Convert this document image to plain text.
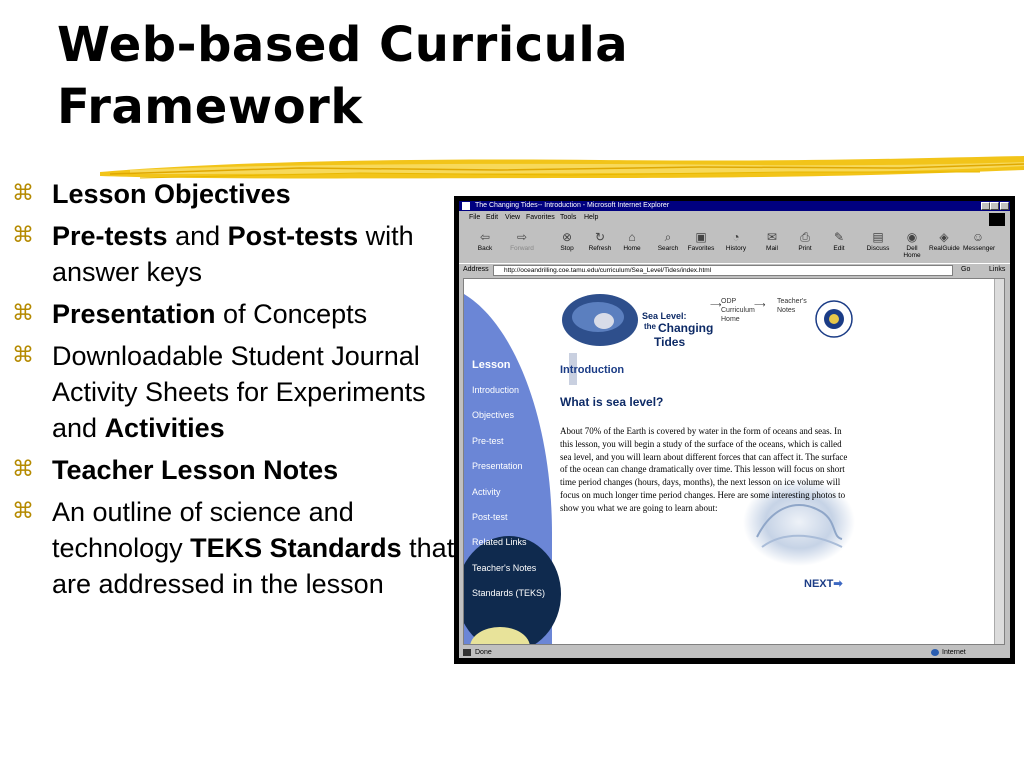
Web-based Curricula
Framework
⌘ Lesson Objectives
⌘ Pre-tests and Post-tests with answer keys
⌘ Presentation of Concepts
⌘ Downloadable Student Journal Activity Sheets for Experiments and Activities
⌘ Teacher Lesson Notes
⌘ An outline of science and technology TEKS Standards that are addressed in the lesson
The Changing Tides-- Introduction - Microsoft Internet Explorer
File Edit View Favorites Tools Help
⇦
Back
⇨
Forward
⊗
Stop
↻
Refresh
⌂
Home
⌕
Search
▣
Favorites
◔
History
✉
Mail
⎙
Print
✎
Edit
▤
Discuss
◉
Dell Home
◈
RealGuide
☺
Messenger
Address	http://oceandrilling.coe.tamu.edu/curriculum/Sea_Level/Tides/index.html	Go	Links
Lesson
Introduction
Objectives
Pre-test
Presentation
Activity
Post-test
Related Links
Teacher's Notes
Standards (TEKS)
Sea Level:
the Changing
Tides
⟶ ODP
Curriculum
Home
⟶ Teacher's
Notes
Introduction
What is sea level?
About 70% of the Earth is covered by water in the form of oceans and seas. In this lesson, you will begin a study of the surface of the oceans, which is called sea level, and you will learn about different forces that can affect it. The surface of the ocean can change dramatically over time. This lesson will focus on short time period changes (hours, days, months), the next lesson on ice volume will focus on much longer time period changes. Here are some interesting photos to show you what we are going to learn about:
NEXT➡
Done	Internet
